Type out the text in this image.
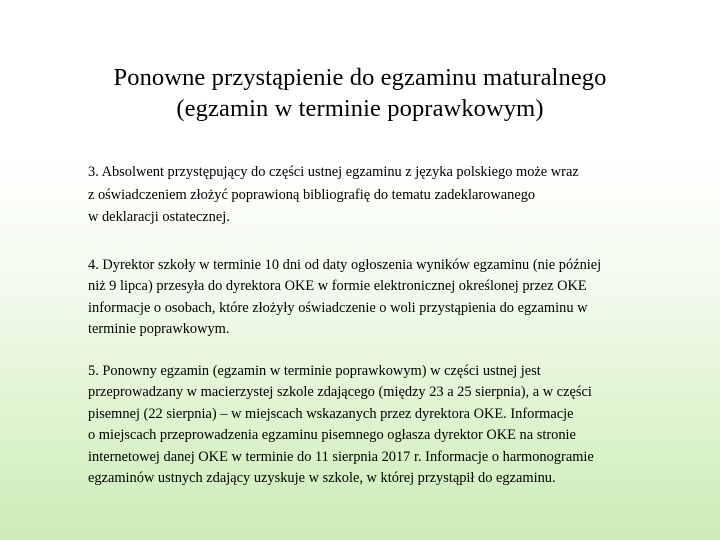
Ponowne przystąpienie do egzaminu maturalnego
(egzamin w terminie poprawkowym)

3. Absolwent przystępujący do części ustnej egzaminu z języka polskiego może wraz
z oświadczeniem złożyć poprawioną bibliografię do tematu zadeklarowanego
w deklaracji ostatecznej.

4. Dyrektor szkoły w terminie 10 dni od daty ogłoszenia wyników egzaminu (nie później
niż 9 lipca) przesyła do dyrektora OKE w formie elektronicznej określonej przez OKE
informacje o osobach, które złożyły oświadczenie o woli przystąpienia do egzaminu w
terminie poprawkowym.

5. Ponowny egzamin (egzamin w terminie poprawkowym) w części ustnej jest
przeprowadzany w macierzystej szkole zdającego (między 23 a 25 sierpnia), a w części
pisemnej (22 sierpnia) – w miejscach wskazanych przez dyrektora OKE. Informacje
o miejscach przeprowadzenia egzaminu pisemnego ogłasza dyrektor OKE na stronie
internetowej danej OKE w terminie do 11 sierpnia 2017 r. Informacje o harmonogramie
egzaminów ustnych zdający uzyskuje w szkole, w której przystąpił do egzaminu.
